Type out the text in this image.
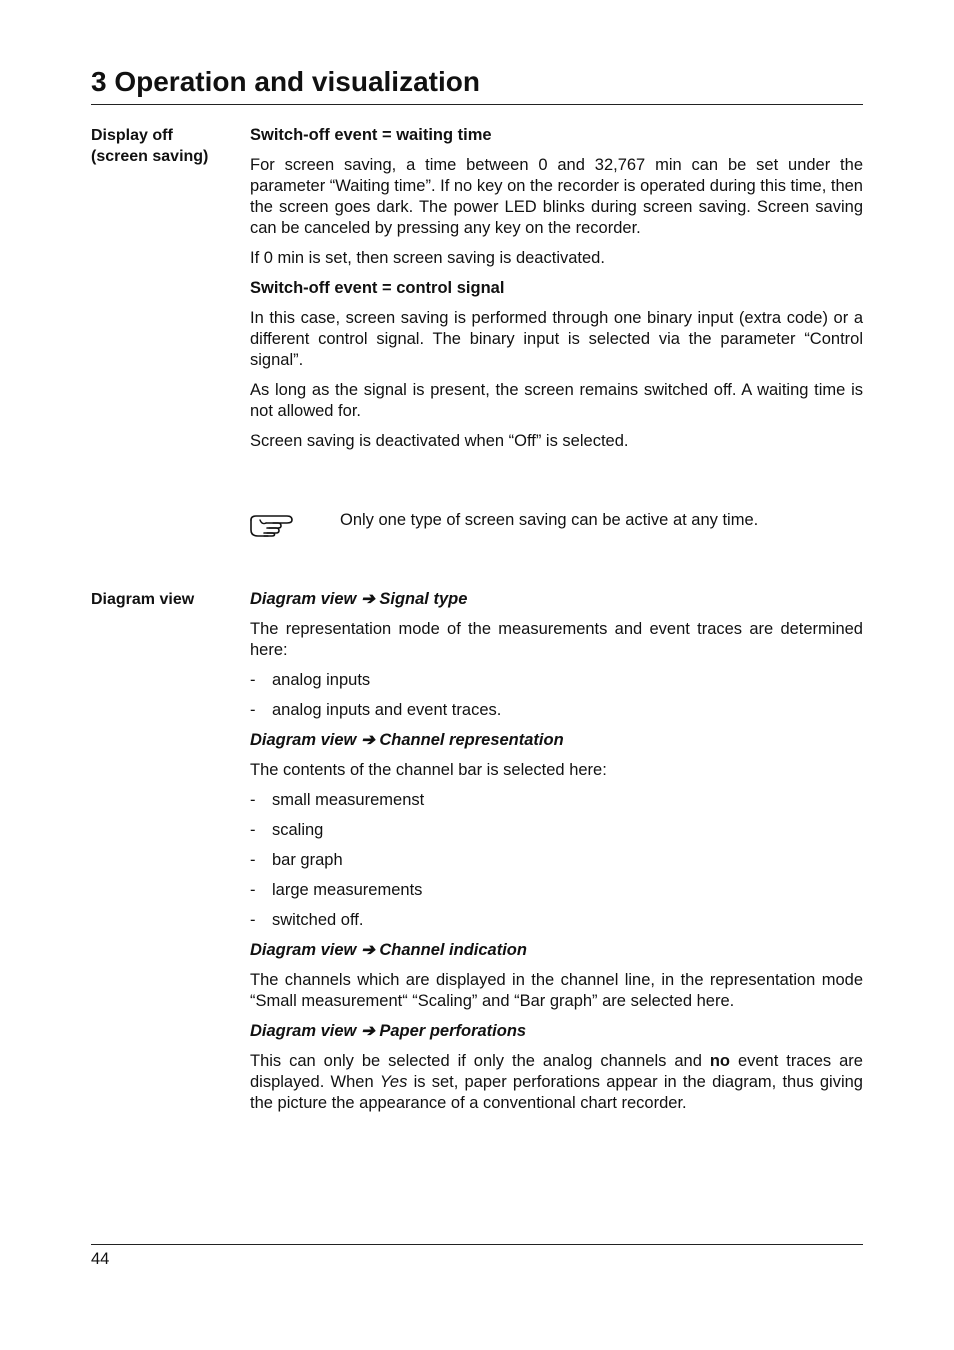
3 Operation and visualization
Display off
(screen saving)
Switch-off event = waiting time

For screen saving, a time between 0 and 32,767 min can be set under the parameter “Waiting time”. If no key on the recorder is operated during this time, then the screen goes dark. The power LED blinks during screen saving. Screen saving can be canceled by pressing any key on the recorder.

If 0 min is set, then screen saving is deactivated.

Switch-off event = control signal

In this case, screen saving is performed through one binary input (extra code) or a different control signal. The binary input is selected via the parameter “Control signal”.

As long as the signal is present, the screen remains switched off. A waiting time is not allowed for.

Screen saving is deactivated when “Off” is selected.

Only one type of screen saving can be active at any time.
Diagram view	Diagram view ➔ Signal type

The representation mode of the measurements and event traces are determined here:

- analog inputs
- analog inputs and event traces.
Diagram view ➔ Channel representation

The contents of the channel bar is selected here:

- small measuremenst
- scaling
- bar graph
- large measurements
- switched off.
Diagram view ➔ Channel indication

The channels which are displayed in the channel line, in the representation mode “Small measurement“ “Scaling” and “Bar graph” are selected here.

Diagram view ➔ Paper perforations

This can only be selected if only the analog channels and no event traces are displayed. When Yes is set, paper perforations appear in the diagram, thus giving the picture the appearance of a conventional chart recorder.

44
